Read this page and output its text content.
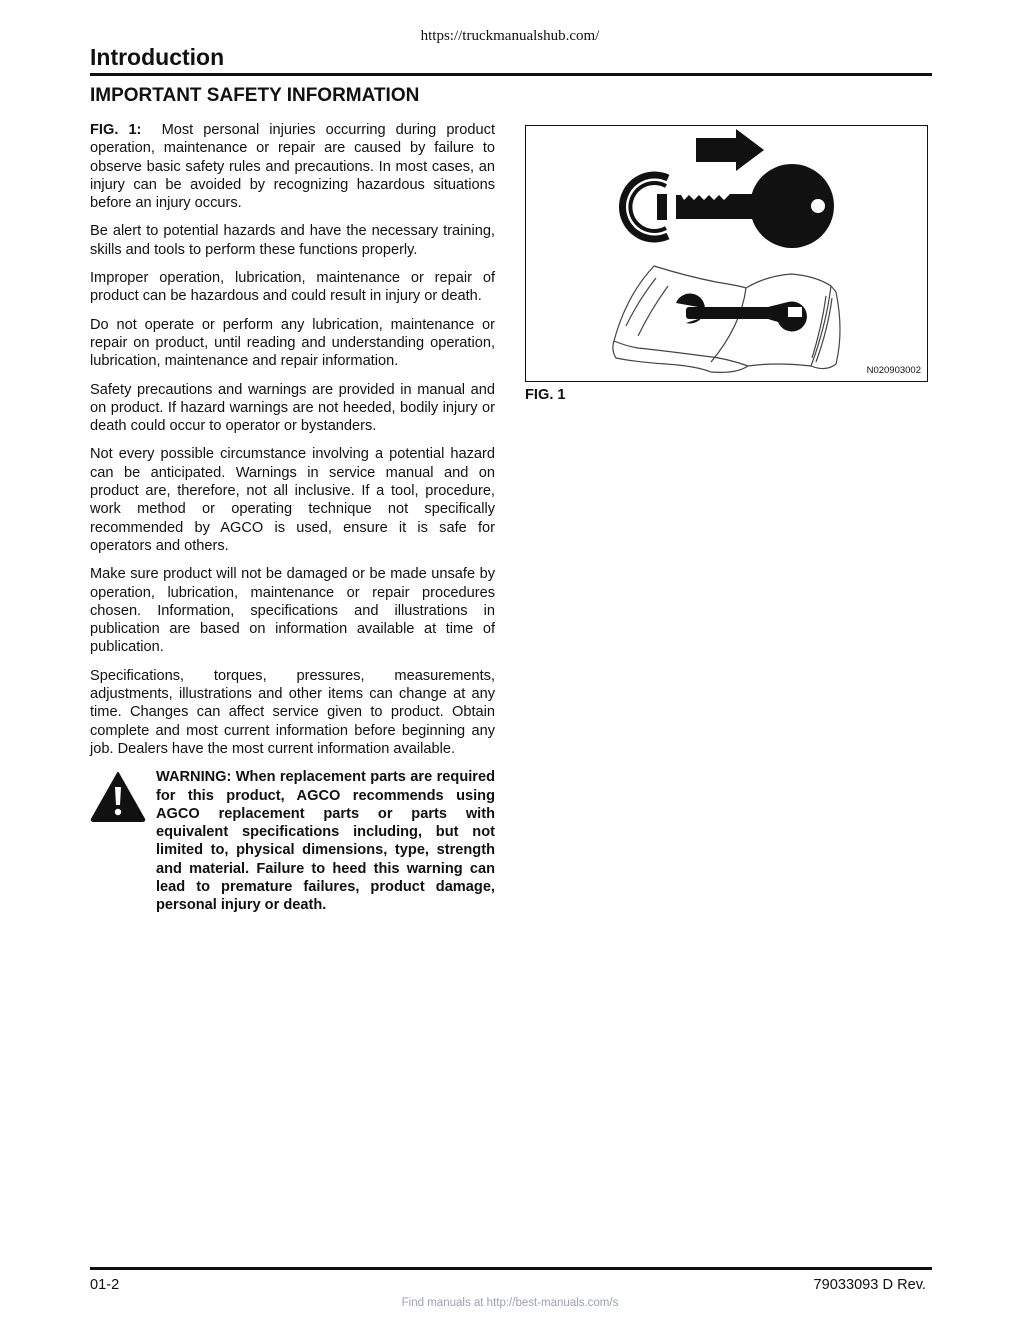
https://truckmanualshub.com/
Introduction
IMPORTANT SAFETY INFORMATION

FIG. 1: Most personal injuries occurring during product operation, maintenance or repair are caused by failure to observe basic safety rules and precautions. In most cases, an injury can be avoided by recognizing hazardous situations before an injury occurs.

Be alert to potential hazards and have the necessary training, skills and tools to perform these functions properly.

Improper operation, lubrication, maintenance or repair of product can be hazardous and could result in injury or death.

Do not operate or perform any lubrication, maintenance or repair on product, until reading and understanding operation, lubrication, maintenance and repair information.

Safety precautions and warnings are provided in manual and on product. If hazard warnings are not heeded, bodily injury or death could occur to operator or bystanders.

Not every possible circumstance involving a potential hazard can be anticipated. Warnings in service manual and on product are, therefore, not all inclusive. If a tool, procedure, work method or operating technique not specifically recommended by AGCO is used, ensure it is safe for operators and others.

Make sure product will not be damaged or be made unsafe by operation, lubrication, maintenance or repair procedures chosen. Information, specifications and illustrations in publication are based on information available at time of publication.

Specifications, torques, pressures, measurements, adjustments, illustrations and other items can change at any time. Changes can affect service given to product. Obtain complete and most current information before beginning any job. Dealers have the most current information available.

WARNING: When replacement parts are required for this product, AGCO recommends using AGCO replacement parts or parts with equivalent specifications including, but not limited to, physical dimensions, type, strength and material. Failure to heed this warning can lead to premature failures, product damage, personal injury or death.
N020903002
FIG. 1
01-2	79033093 D Rev.
Find manuals at http://best-manuals.com/s
